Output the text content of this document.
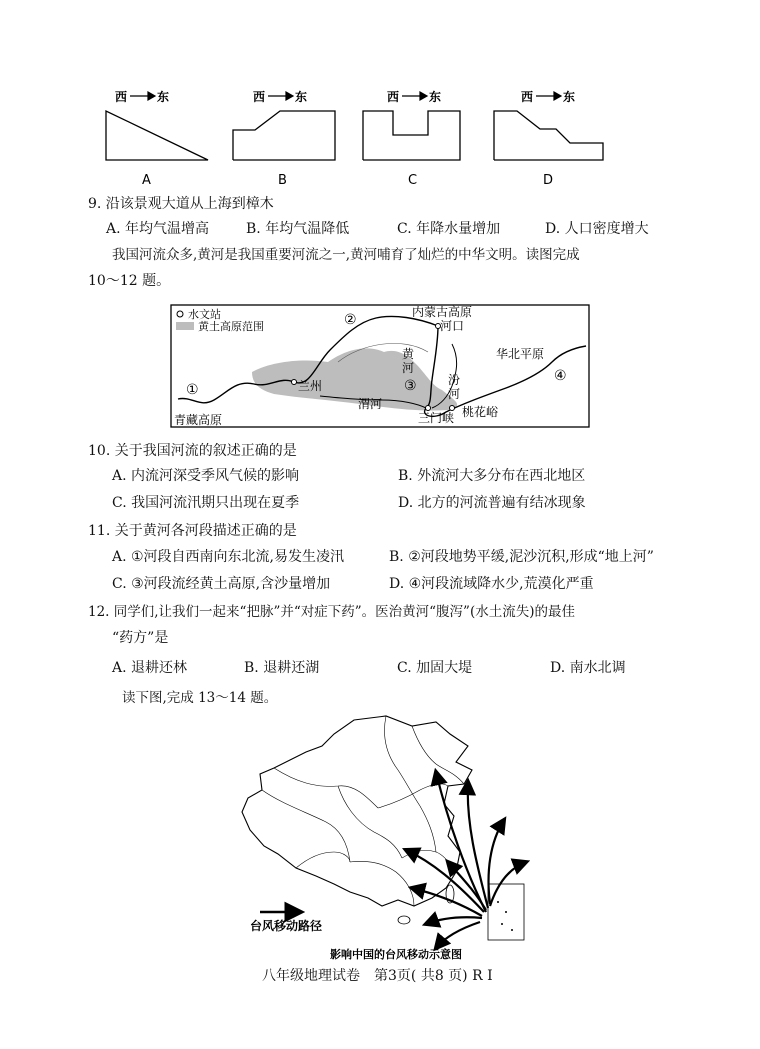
西 东	西 东	西 东	西 东
A	B	C	D
9. 沿该景观大道从上海到樟木
A. 年均气温增高	B. 年均气温降低	C. 年降水量增加	D. 人口密度增大
我国河流众多,黄河是我国重要河流之一,黄河哺育了灿烂的中华文明。读图完成
10～12 题。
水文站
黄土高原范围
内蒙古高原
河口
黄
河
汾
河
华北平原
兰州
渭河
三门峡 桃花峪
青藏高原
①
②
③
④
10. 关于我国河流的叙述正确的是
A. 内流河深受季风气候的影响	B. 外流河大多分布在西北地区
C. 我国河流汛期只出现在夏季	D. 北方的河流普遍有结冰现象
11. 关于黄河各河段描述正确的是
A. ①河段自西南向东北流,易发生凌汛	B. ②河段地势平缓,泥沙沉积,形成“地上河”
C. ③河段流经黄土高原,含沙量增加	D. ④河段流域降水少,荒漠化严重
12. 同学们,让我们一起来“把脉”并“对症下药”。医治黄河“腹泻”(水土流失)的最佳
“药方”是
A. 退耕还林	B. 退耕还湖	C. 加固大堤	D. 南水北调
读下图,完成 13～14 题。
台风移动路径
影响中国的台风移动示意图
八年级地理试卷　第3页( 共8 页) R I
